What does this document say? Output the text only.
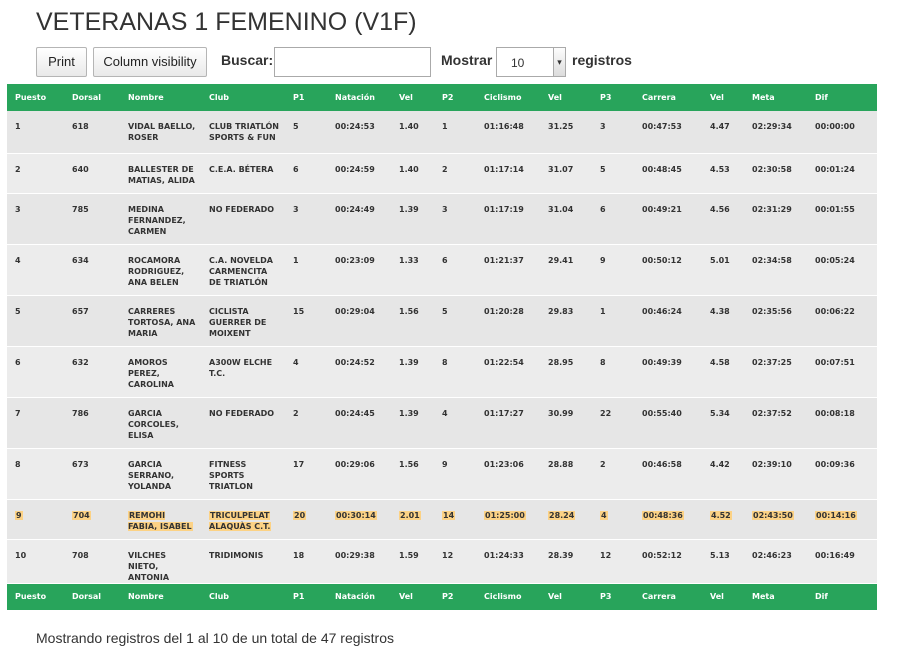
VETERANAS 1 FEMENINO (V1F)
Print	Column visibility	Buscar:	Mostrar 10	▾ registros
Puesto	Dorsal	Nombre	Club	P1	Natación	Vel	P2	Ciclismo	Vel	P3	Carrera	Vel	Meta	Dif
1	618	VIDAL BAELLO, ROSER	CLUB TRIATLÓN SPORTS & FUN	5	00:24:53	1.40	1	01:16:48	31.25	3	00:47:53	4.47	02:29:34	00:00:00
2	640	BALLESTER DE MATIAS, ALIDA	C.E.A. BÉTERA	6	00:24:59	1.40	2	01:17:14	31.07	5	00:48:45	4.53	02:30:58	00:01:24
3	785	MEDINA FERNANDEZ, CARMEN	NO FEDERADO	3	00:24:49	1.39	3	01:17:19	31.04	6	00:49:21	4.56	02:31:29	00:01:55
4	634	ROCAMORA RODRIGUEZ, ANA BELEN	C.A. NOVELDA CARMENCITA DE TRIATLÓN	1	00:23:09	1.33	6	01:21:37	29.41	9	00:50:12	5.01	02:34:58	00:05:24
5	657	CARRERES TORTOSA, ANA MARIA	CICLISTA GUERRER DE MOIXENT	15	00:29:04	1.56	5	01:20:28	29.83	1	00:46:24	4.38	02:35:56	00:06:22
6	632	AMOROS PEREZ, CAROLINA	A300W ELCHE T.C.	4	00:24:52	1.39	8	01:22:54	28.95	8	00:49:39	4.58	02:37:25	00:07:51
7	786	GARCIA CORCOLES, ELISA	NO FEDERADO	2	00:24:45	1.39	4	01:17:27	30.99	22	00:55:40	5.34	02:37:52	00:08:18
8	673	GARCIA SERRANO, YOLANDA	FITNESS SPORTS TRIATLON	17	00:29:06	1.56	9	01:23:06	28.88	2	00:46:58	4.42	02:39:10	00:09:36
9	704	REMOHI FABIA, ISABEL	TRICULPELAT ALAQUÀS C.T.	20	00:30:14	2.01	14	01:25:00	28.24	4	00:48:36	4.52	02:43:50	00:14:16
10	708	VILCHES NIETO, ANTONIA	TRIDIMONIS	18	00:29:38	1.59	12	01:24:33	28.39	12	00:52:12	5.13	02:46:23	00:16:49
Puesto	Dorsal	Nombre	Club	P1	Natación	Vel	P2	Ciclismo	Vel	P3	Carrera	Vel	Meta	Dif
Mostrando registros del 1 al 10 de un total de 47 registros
